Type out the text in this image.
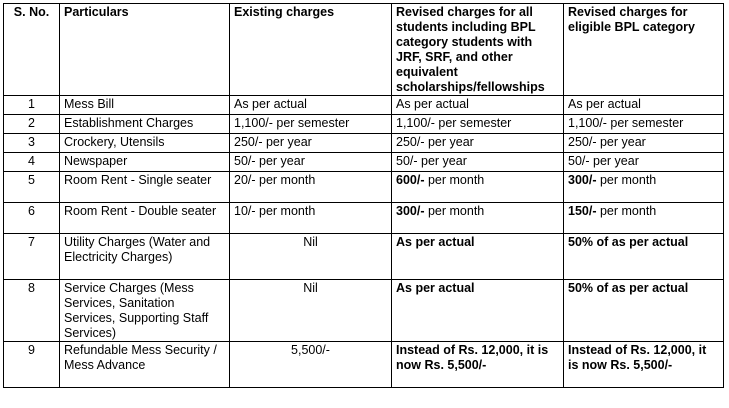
S. No.	Particulars	Existing charges	Revised charges for all students including BPL category students with JRF, SRF, and other equivalent scholarships/fellowships	Revised charges for eligible BPL category
1	Mess Bill	As per actual	As per actual	As per actual
2	Establishment Charges	1,100/- per semester	1,100/- per semester	1,100/- per semester
3	Crockery, Utensils	250/- per year	250/- per year	250/- per year
4	Newspaper	50/- per year	50/- per year	50/- per year
5	Room Rent - Single seater	20/- per month	600/- per month	300/- per month
6	Room Rent - Double seater	10/- per month	300/- per month	150/- per month
7	Utility Charges (Water and Electricity Charges)	Nil	As per actual	50% of as per actual
8	Service Charges (Mess Services, Sanitation Services, Supporting Staff Services)	Nil	As per actual	50% of as per actual
9	Refundable Mess Security / Mess Advance	5,500/-	Instead of Rs. 12,000, it is now Rs. 5,500/-	Instead of Rs. 12,000, it is now Rs. 5,500/-
